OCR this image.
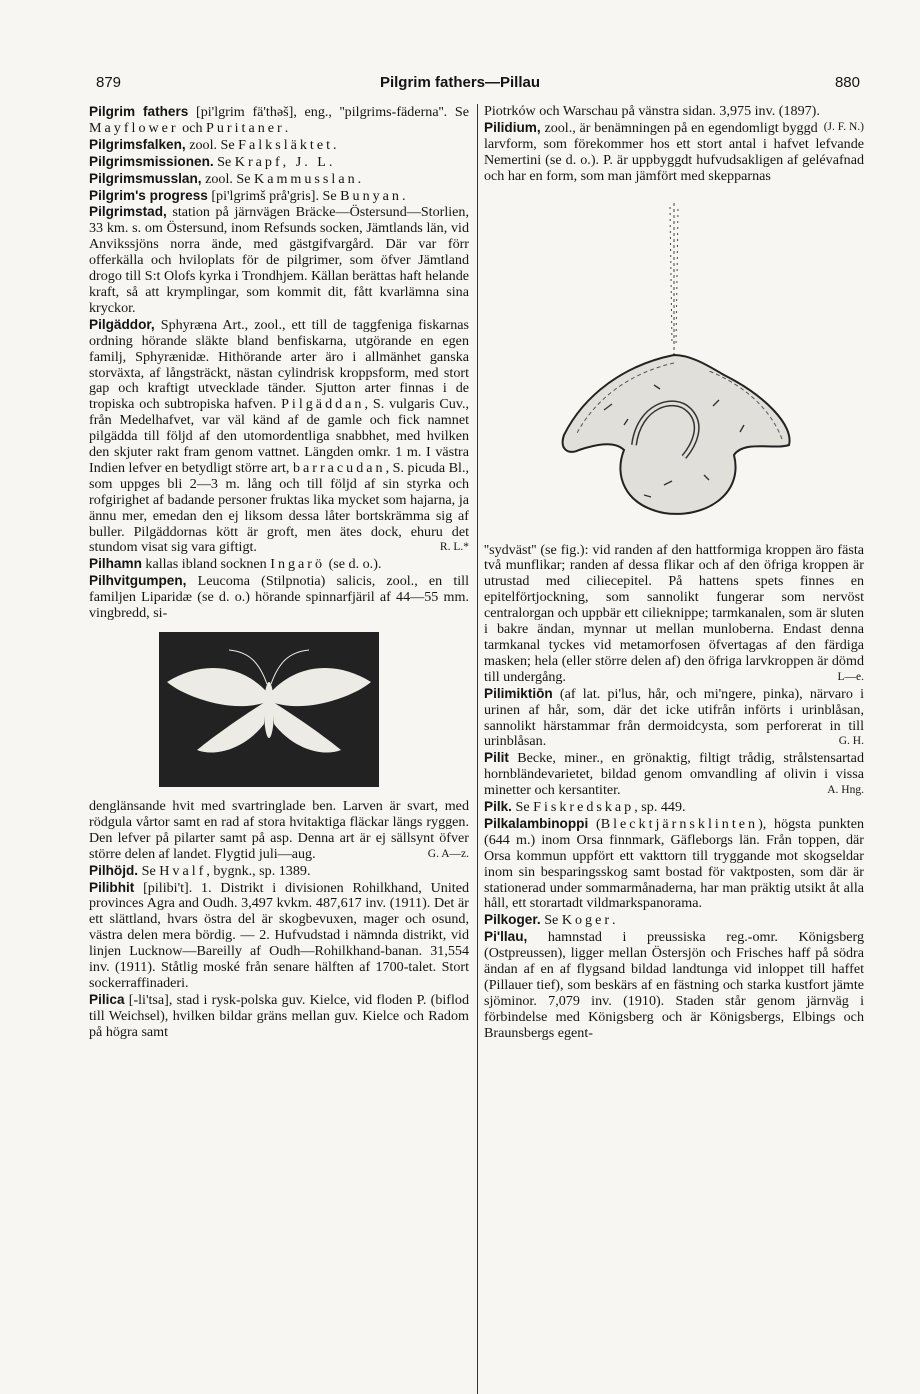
879	Pilgrim fathers—Pillau	880

Pilgrim fathers [pi'lgrim fä'thəš], eng., ''pilgrims-fäderna''. Se Mayflower och Puritaner.

Pilgrimsfalken, zool. Se Falksläktet.

Pilgrimsmissionen. Se Krapf, J. L.

Pilgrimsmusslan, zool. Se Kammusslan.

Pilgrim's progress [pi'lgrimš prå'gris]. Se Bunyan.

Pilgrimstad, station på järnvägen Bräcke—Östersund—Storlien, 33 km. s. om Östersund, inom Refsunds socken, Jämtlands län, vid Anvikssjöns norra ände, med gästgifvargård. Där var förr offerkälla och hviloplats för de pilgrimer, som öfver Jämtland drogo till S:t Olofs kyrka i Trondhjem. Källan berättas haft helande kraft, så att krymplingar, som kommit dit, fått kvarlämna sina kryckor.

Pilgäddor, Sphyræna Art., zool., ett till de taggfeniga fiskarnas ordning hörande släkte bland benfiskarna, utgörande en egen familj, Sphyrænidæ. Hithörande arter äro i allmänhet ganska storväxta, af långsträckt, nästan cylindrisk kroppsform, med stort gap och kraftigt utvecklade tänder. Sjutton arter finnas i de tropiska och subtropiska hafven. Pilgäddan, S. vulgaris Cuv., från Medelhafvet, var väl känd af de gamle och fick namnet pilgädda till följd af den utomordentliga snabbhet, med hvilken den skjuter rakt fram genom vattnet. Längden omkr. 1 m. I västra Indien lefver en betydligt större art, barracudan, S. picuda Bl., som uppges bli 2—3 m. lång och till följd af sin styrka och rofgirighet af badande personer fruktas lika mycket som hajarna, ja ännu mer, emedan den ej liksom dessa låter bortskrämma sig af buller. Pilgäddornas kött är groft, men ätes dock, ehuru det stundom visat sig vara giftigt.	R. L.*

Pilhamn kallas ibland socknen Ingarö (se d. o.).

Pilhvitgumpen, Leucoma (Stilpnotia) salicis, zool., en till familjen Liparidæ (se d. o.) hörande spinnarfjäril af 44—55 mm. vingbredd, si-

denglänsande hvit med svartringlade ben. Larven är svart, med rödgula vårtor samt en rad af stora hvitaktiga fläckar längs ryggen. Den lefver på pilarter samt på asp. Denna art är ej sällsynt öfver större delen af landet. Flygtid juli—aug.	G. A—z.

Pilhöjd. Se Hvalf, bygnk., sp. 1389.

Pilibhit [pilibi't]. 1. Distrikt i divisionen Rohilkhand, United provinces Agra and Oudh. 3,497 kvkm. 487,617 inv. (1911). Det är ett slättland, hvars östra del är skogbevuxen, mager och osund, västra delen mera bördig. — 2. Hufvudstad i nämnda distrikt, vid linjen Lucknow—Bareilly af Oudh—Rohilkhand-banan. 31,554 inv. (1911). Ståtlig moské från senare hälften af 1700-talet. Stort sockerraffinaderi.

Pilica [-li'tsa], stad i rysk-polska guv. Kielce, vid floden P. (biflod till Weichsel), hvilken bildar gräns mellan guv. Kielce och Radom på högra samt

Piotrków och Warschau på vänstra sidan. 3,975 inv. (1897).
(J. F. N.)

Pilidium, zool., är benämningen på en egendomligt byggd larvform, som förekommer hos ett stort antal i hafvet lefvande Nemertini (se d. o.). P. är uppbyggdt hufvudsakligen af gelévafnad och har en form, som man jämfört med skepparnas

''sydväst'' (se fig.): vid randen af den hattformiga kroppen äro fästa två munflikar; randen af dessa flikar och af den öfriga kroppen är utrustad med ciliecepitel. På hattens spets finnes en epitelförtjockning, som sannolikt fungerar som nervöst centralorgan och uppbär ett cilieknippe; tarmkanalen, som är sluten i bakre ändan, mynnar ut mellan munloberna. Endast denna tarmkanal tyckes vid metamorfosen öfvertagas af den färdiga masken; hela (eller större delen af) den öfriga larvkroppen är dömd till undergång.	L—e.

Pilimiktiōn (af lat. pi'lus, hår, och mi'ngere, pinka), närvaro i urinen af hår, som, där det icke utifrån införts i urinblåsan, sannolikt härstammar från dermoidcysta, som perforerat in till urinblåsan.	G. H.

Pilit Becke, miner., en grönaktig, filtigt trådig, strålstensartad hornbländevarietet, bildad genom omvandling af olivin i vissa minetter och kersantiter.	A. Hng.

Pilk. Se Fiskredskap, sp. 449.

Pilkalambinoppi (Blecktjärnsklinten), högsta punkten (644 m.) inom Orsa finnmark, Gäfleborgs län. Från toppen, där Orsa kommun uppfört ett vakttorn till tryggande mot skogseldar inom sin besparingsskog samt bostad för vaktposten, som där är stationerad under sommarmånaderna, har man präktig utsikt åt alla håll, ett storartadt vildmarkspanorama.

Pilkoger. Se Koger.

Pi'llau, hamnstad i preussiska reg.-omr. Königsberg (Ostpreussen), ligger mellan Östersjön och Frisches haff på södra ändan af en af flygsand bildad landtunga vid inloppet till haffet (Pillauer tief), som beskärs af en fästning och starka kustfort jämte sjöminor. 7,079 inv. (1910). Staden står genom järnväg i förbindelse med Königsberg och är Königsbergs, Elbings och Braunsbergs egent-
